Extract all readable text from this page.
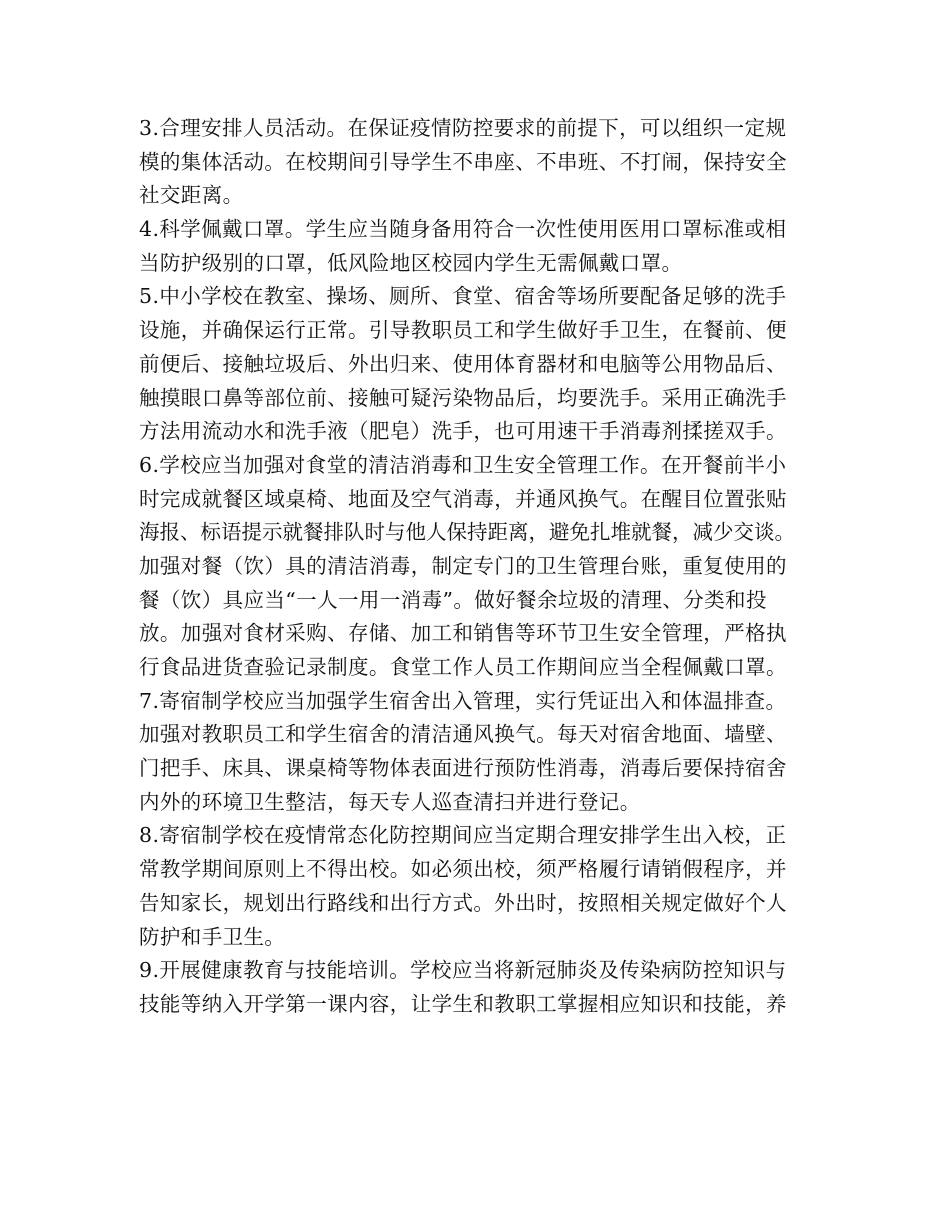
3.合理安排人员活动。在保证疫情防控要求的前提下，可以组织一定规
模的集体活动。在校期间引导学生不串座、不串班、不打闹，保持安全
社交距离。
4.科学佩戴口罩。学生应当随身备用符合一次性使用医用口罩标准或相
当防护级别的口罩，低风险地区校园内学生无需佩戴口罩。
5.中小学校在教室、操场、厕所、食堂、宿舍等场所要配备足够的洗手
设施，并确保运行正常。引导教职员工和学生做好手卫生，在餐前、便
前便后、接触垃圾后、外出归来、使用体育器材和电脑等公用物品后、
触摸眼口鼻等部位前、接触可疑污染物品后，均要洗手。采用正确洗手
方法用流动水和洗手液（肥皂）洗手，也可用速干手消毒剂揉搓双手。
6.学校应当加强对食堂的清洁消毒和卫生安全管理工作。在开餐前半小
时完成就餐区域桌椅、地面及空气消毒，并通风换气。在醒目位置张贴
海报、标语提示就餐排队时与他人保持距离，避免扎堆就餐，减少交谈。
加强对餐（饮）具的清洁消毒，制定专门的卫生管理台账，重复使用的
餐（饮）具应当“一人一用一消毒”。做好餐余垃圾的清理、分类和投
放。加强对食材采购、存储、加工和销售等环节卫生安全管理，严格执
行食品进货查验记录制度。食堂工作人员工作期间应当全程佩戴口罩。
7.寄宿制学校应当加强学生宿舍出入管理，实行凭证出入和体温排查。
加强对教职员工和学生宿舍的清洁通风换气。每天对宿舍地面、墙壁、
门把手、床具、课桌椅等物体表面进行预防性消毒，消毒后要保持宿舍
内外的环境卫生整洁，每天专人巡查清扫并进行登记。
8.寄宿制学校在疫情常态化防控期间应当定期合理安排学生出入校，正
常教学期间原则上不得出校。如必须出校，须严格履行请销假程序，并
告知家长，规划出行路线和出行方式。外出时，按照相关规定做好个人
防护和手卫生。
9.开展健康教育与技能培训。学校应当将新冠肺炎及传染病防控知识与
技能等纳入开学第一课内容，让学生和教职工掌握相应知识和技能，养
